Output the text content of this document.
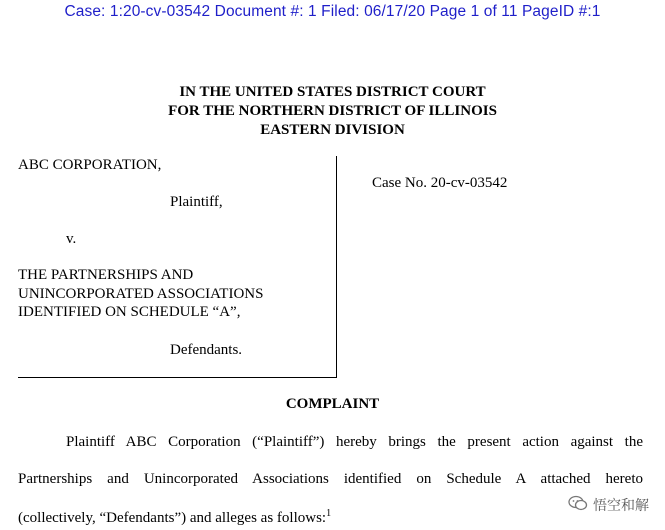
Case: 1:20-cv-03542 Document #: 1 Filed: 06/17/20 Page 1 of 11 PageID #:1
IN THE UNITED STATES DISTRICT COURT
FOR THE NORTHERN DISTRICT OF ILLINOIS
EASTERN DIVISION
ABC CORPORATION,
Plaintiff,
v.
THE PARTNERSHIPS AND
UNINCORPORATED ASSOCIATIONS
IDENTIFIED ON SCHEDULE “A”,
Defendants.
Case No. 20-cv-03542
COMPLAINT
Plaintiff ABC Corporation (“Plaintiff”) hereby brings the present action against the
Partnerships and Unincorporated Associations identified on Schedule A attached hereto
(collectively, “Defendants”) and alleges as follows:$^1$	悟空和解
